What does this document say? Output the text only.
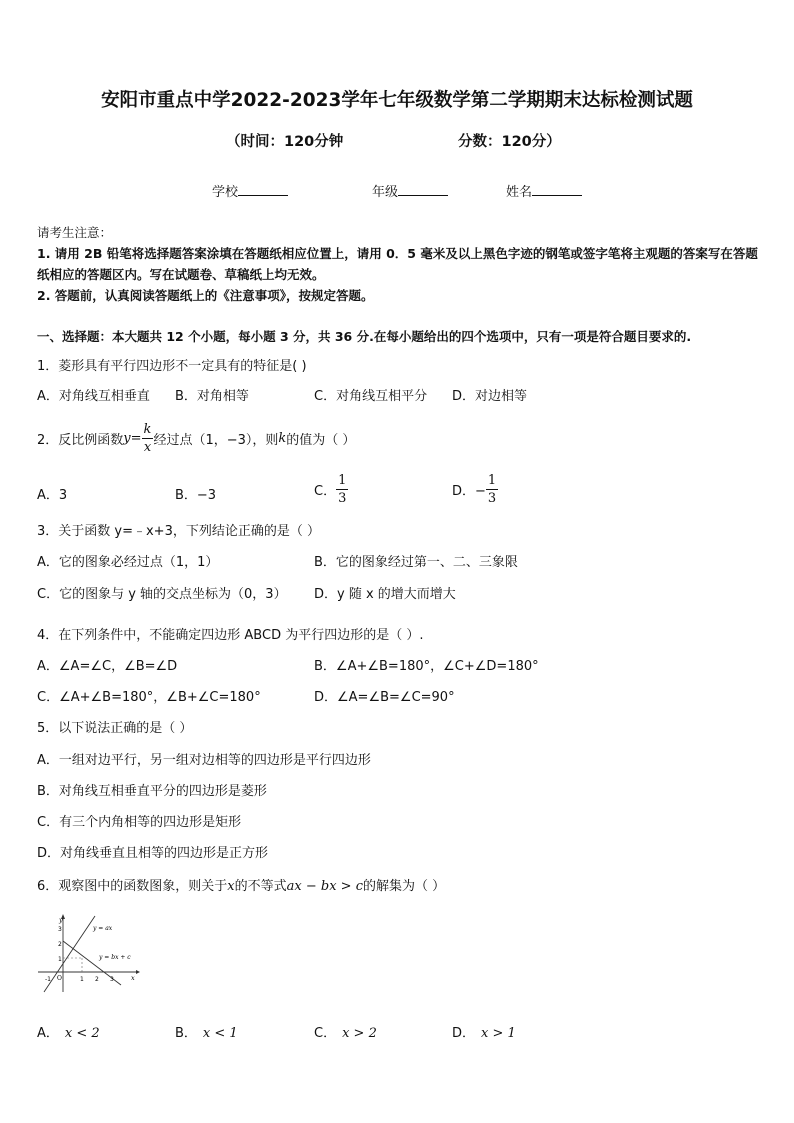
安阳市重点中学2022-2023学年七年级数学第二学期期末达标检测试题
（时间：120分钟	分数：120分）
学校	年级	姓名

请考生注意：

1. 请用 2B 铅笔将选择题答案涂填在答题纸相应位置上，请用 0．5 毫米及以上黑色字迹的钢笔或签字笔将主观题的答案写在答题纸相应的答题区内。写在试题卷、草稿纸上均无效。

2. 答题前，认真阅读答题纸上的《注意事项》，按规定答题。

一、选择题：本大题共 12 个小题，每小题 3 分，共 36 分.在每小题给出的四个选项中，只有一项是符合题目要求的.
1．菱形具有平行四边形不一定具有的特征是( )
A．对角线互相垂直 B．对角相等	C．对角线互相平分 D．对边相等
2．反比例函数 $y = \frac{k}{x}$ 经过点（1，−3），则 k 的值为（ ）
A．3	B．−3	C． $\frac{1}{3}$	D．− $\frac{1}{3}$
3．关于函数 y=﹣x+3，下列结论正确的是（ ）
A．它的图象必经过点（1，1）	B．它的图象经过第一、二、三象限
C．它的图象与 y 轴的交点坐标为（0，3） D．y 随 x 的增大而增大
4．在下列条件中，不能确定四边形 ABCD 为平行四边形的是（ ）.
A．∠A=∠C，∠B=∠D	B．∠A+∠B=180°，∠C+∠D=180°
C．∠A+∠B=180°，∠B+∠C=180°	D．∠A=∠B=∠C=90°
5．以下说法正确的是（ ）
A．一组对边平行，另一组对边相等的四边形是平行四边形
B．对角线互相垂直平分的四边形是菱形
C．有三个内角相等的四边形是矩形
D．对角线垂直且相等的四边形是正方形
6．观察图中的函数图象，则关于x的不等式ax − bx > c的解集为（ ）
y = ax
y = bx + c
y
x
O
-1	1 2 3
3
2
1
A． x < 2	B． x < 1	C． x > 2	D． x > 1
